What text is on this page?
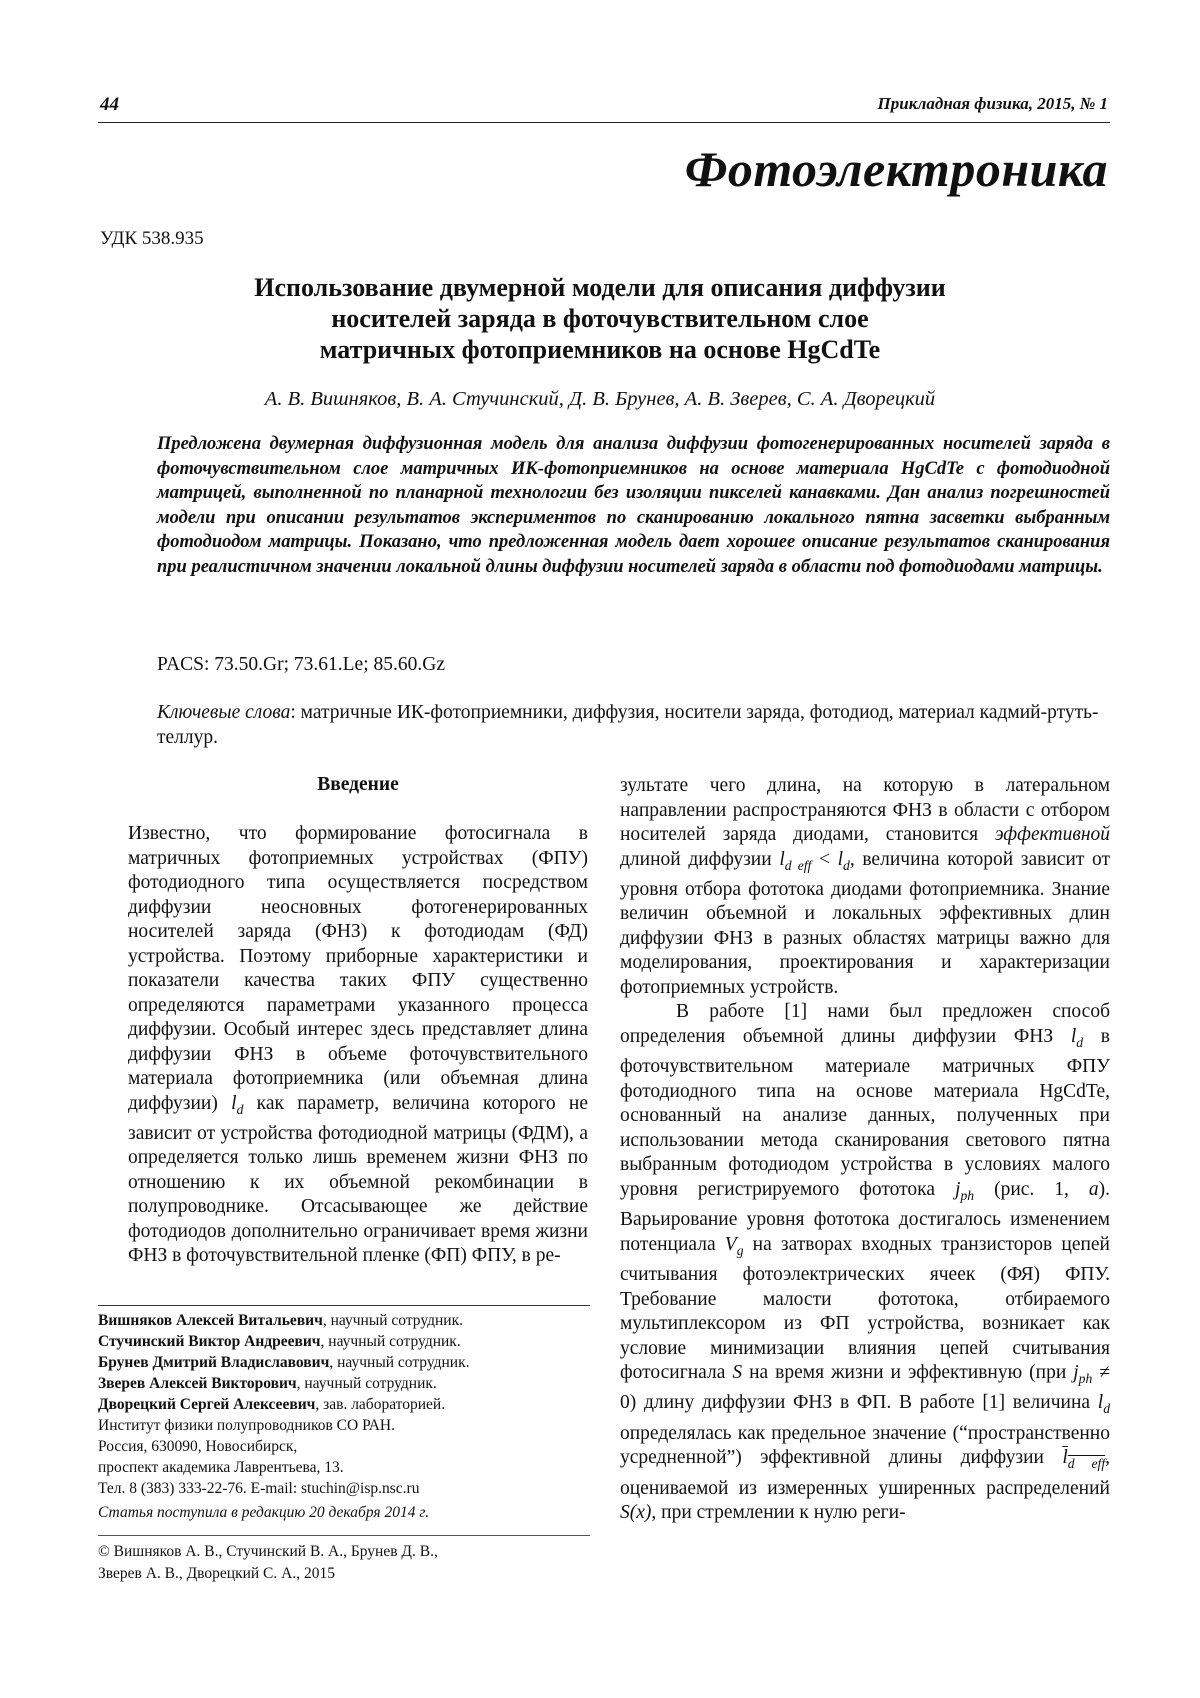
44	Прикладная физика, 2015, № 1
Фотоэлектроника
УДК 538.935
Использование двумерной модели для описания диффузии
носителей заряда в фоточувствительном слое
матричных фотоприемников на основе HgCdTe
А. В. Вишняков, В. А. Стучинский, Д. В. Брунев, А. В. Зверев, С. А. Дворецкий
Предложена двумерная диффузионная модель для анализа диффузии фотогенерированных носителей заряда в фоточувствительном слое матричных ИК-фотоприемников на основе материала HgCdTe с фотодиодной матрицей, выполненной по планарной технологии без изоляции пикселей канавками. Дан анализ погрешностей модели при описании результатов экспериментов по сканированию локального пятна засветки выбранным фотодиодом матрицы. Показано, что предложенная модель дает хорошее описание результатов сканирования при реалистичном значении локальной длины диффузии носителей заряда в области под фотодиодами матрицы.
PACS: 73.50.Gr; 73.61.Le; 85.60.Gz
Ключевые слова: матричные ИК-фотоприемники, диффузия, носители заряда, фотодиод, материал кадмий-ртуть-теллур.
Введение

Известно, что формирование фотосигнала в матричных фотоприемных устройствах (ФПУ) фотодиодного типа осуществляется посредством диффузии неосновных фотогенерированных носителей заряда (ФНЗ) к фотодиодам (ФД) устройства. Поэтому приборные характеристики и показатели качества таких ФПУ существенно определяются параметрами указанного процесса диффузии. Особый интерес здесь представляет длина диффузии ФНЗ в объеме фоточувствительного материала фотоприемника (или объемная длина диффузии) $l_d$ как параметр, величина которого не зависит от устройства фотодиодной матрицы (ФДМ), а определяется только лишь временем жизни ФНЗ по отношению к их объемной рекомбинации в полупроводнике. Отсасывающее же действие фотодиодов дополнительно ограничивает время жизни ФНЗ в фоточувствительной пленке (ФП) ФПУ, в ре-

зультате чего длина, на которую в латеральном направлении распространяются ФНЗ в области с отбором носителей заряда диодами, становится эффективной длиной диффузии $l_{d eff} < l_d$, величина которой зависит от уровня отбора фототока диодами фотоприемника. Знание величин объемной и локальных эффективных длин диффузии ФНЗ в разных областях матрицы важно для моделирования, проектирования и характеризации фотоприемных устройств.

В работе [1] нами был предложен способ определения объемной длины диффузии ФНЗ $l_d$ в фоточувствительном материале матричных ФПУ фотодиодного типа на основе материала HgCdTe, основанный на анализе данных, полученных при использовании метода сканирования светового пятна выбранным фотодиодом устройства в условиях малого уровня регистрируемого фототока $j_{ph}$ (рис. 1, а). Варьирование уровня фототока достигалось изменением потенциала $V_g$ на затворах входных транзисторов цепей считывания фотоэлектрических ячеек (ФЯ) ФПУ. Требование малости фототока, отбираемого мультиплексором из ФП устройства, возникает как условие минимизации влияния цепей считывания фотосигнала S на время жизни и эффективную (при $j_{ph} \ne 0$) длину диффузии ФНЗ в ФП. В работе [1] величина $l_d$ определялась как предельное значение (“пространственно усредненной”) эффективной длины диффузии $l_{d eff}$, оцениваемой из измеренных уширенных распределений S(x), при стремлении к нулю реги-

Вишняков Алексей Витальевич, научный сотрудник.
Стучинский Виктор Андреевич, научный сотрудник.
Брунев Дмитрий Владиславович, научный сотрудник.
Зверев Алексей Викторович, научный сотрудник.
Дворецкий Сергей Алексеевич, зав. лабораторией.
Институт физики полупроводников СО РАН.
Россия, 630090, Новосибирск,
проспект академика Лаврентьева, 13.
Тел. 8 (383) 333-22-76. E-mail: stuchin@isp.nsc.ru
Статья поступила в редакцию 20 декабря 2014 г.
© Вишняков А. В., Стучинский В. А., Брунев Д. В.,
Зверев А. В., Дворецкий С. А., 2015
